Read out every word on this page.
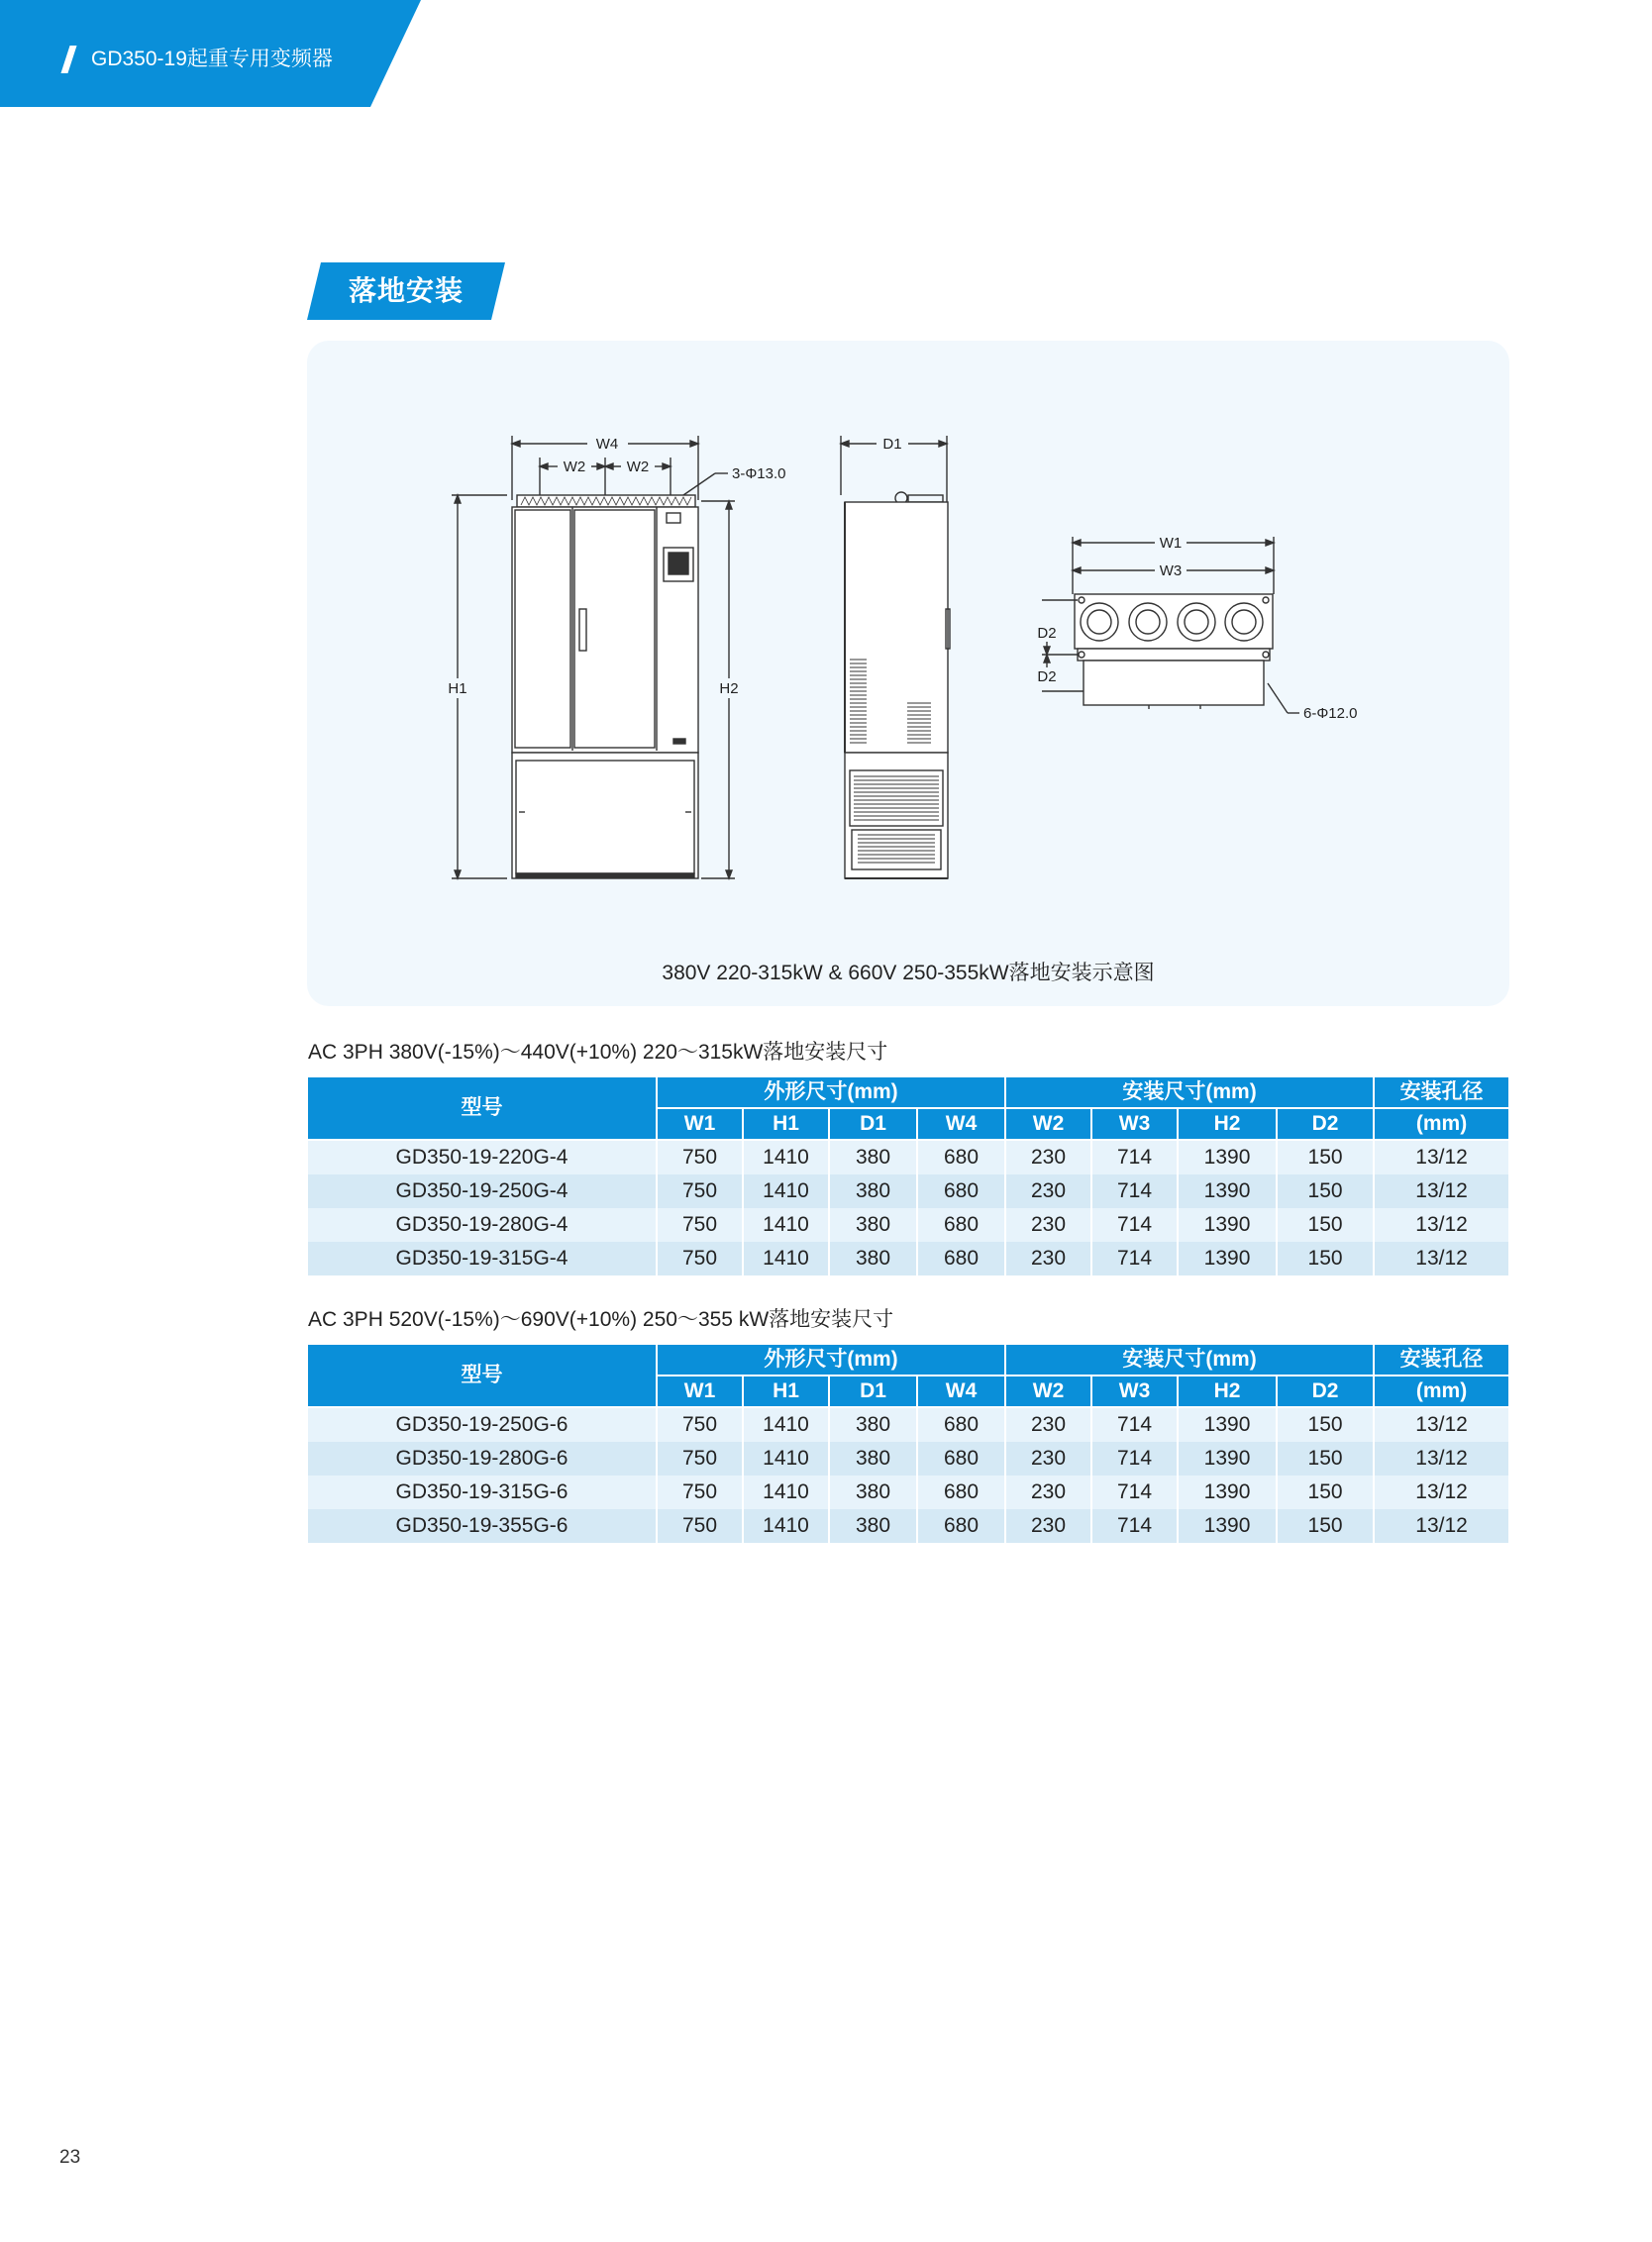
GD350-19起重专用变频器
落地安装
W4
W2	W2	3-Φ13.0
H1	H2
D1
W1
W3
D2
D2
6-Φ12.0
380V 220-315kW & 660V 250-355kW落地安装示意图
AC 3PH 380V(-15%)～440V(+10%) 220～315kW落地安装尺寸
型号	外形尺寸(mm)				安装尺寸(mm)				安装孔径
	W1	H1	D1	W4	W2	W3	H2	D2	(mm)
GD350-19-220G-4	750	1410	380	680	230	714	1390	150	13/12
GD350-19-250G-4	750	1410	380	680	230	714	1390	150	13/12
GD350-19-280G-4	750	1410	380	680	230	714	1390	150	13/12
GD350-19-315G-4	750	1410	380	680	230	714	1390	150	13/12
AC 3PH 520V(-15%)～690V(+10%) 250～355 kW落地安装尺寸
型号	外形尺寸(mm)				安装尺寸(mm)				安装孔径
	W1	H1	D1	W4	W2	W3	H2	D2	(mm)
GD350-19-250G-6	750	1410	380	680	230	714	1390	150	13/12
GD350-19-280G-6	750	1410	380	680	230	714	1390	150	13/12
GD350-19-315G-6	750	1410	380	680	230	714	1390	150	13/12
GD350-19-355G-6	750	1410	380	680	230	714	1390	150	13/12
23
